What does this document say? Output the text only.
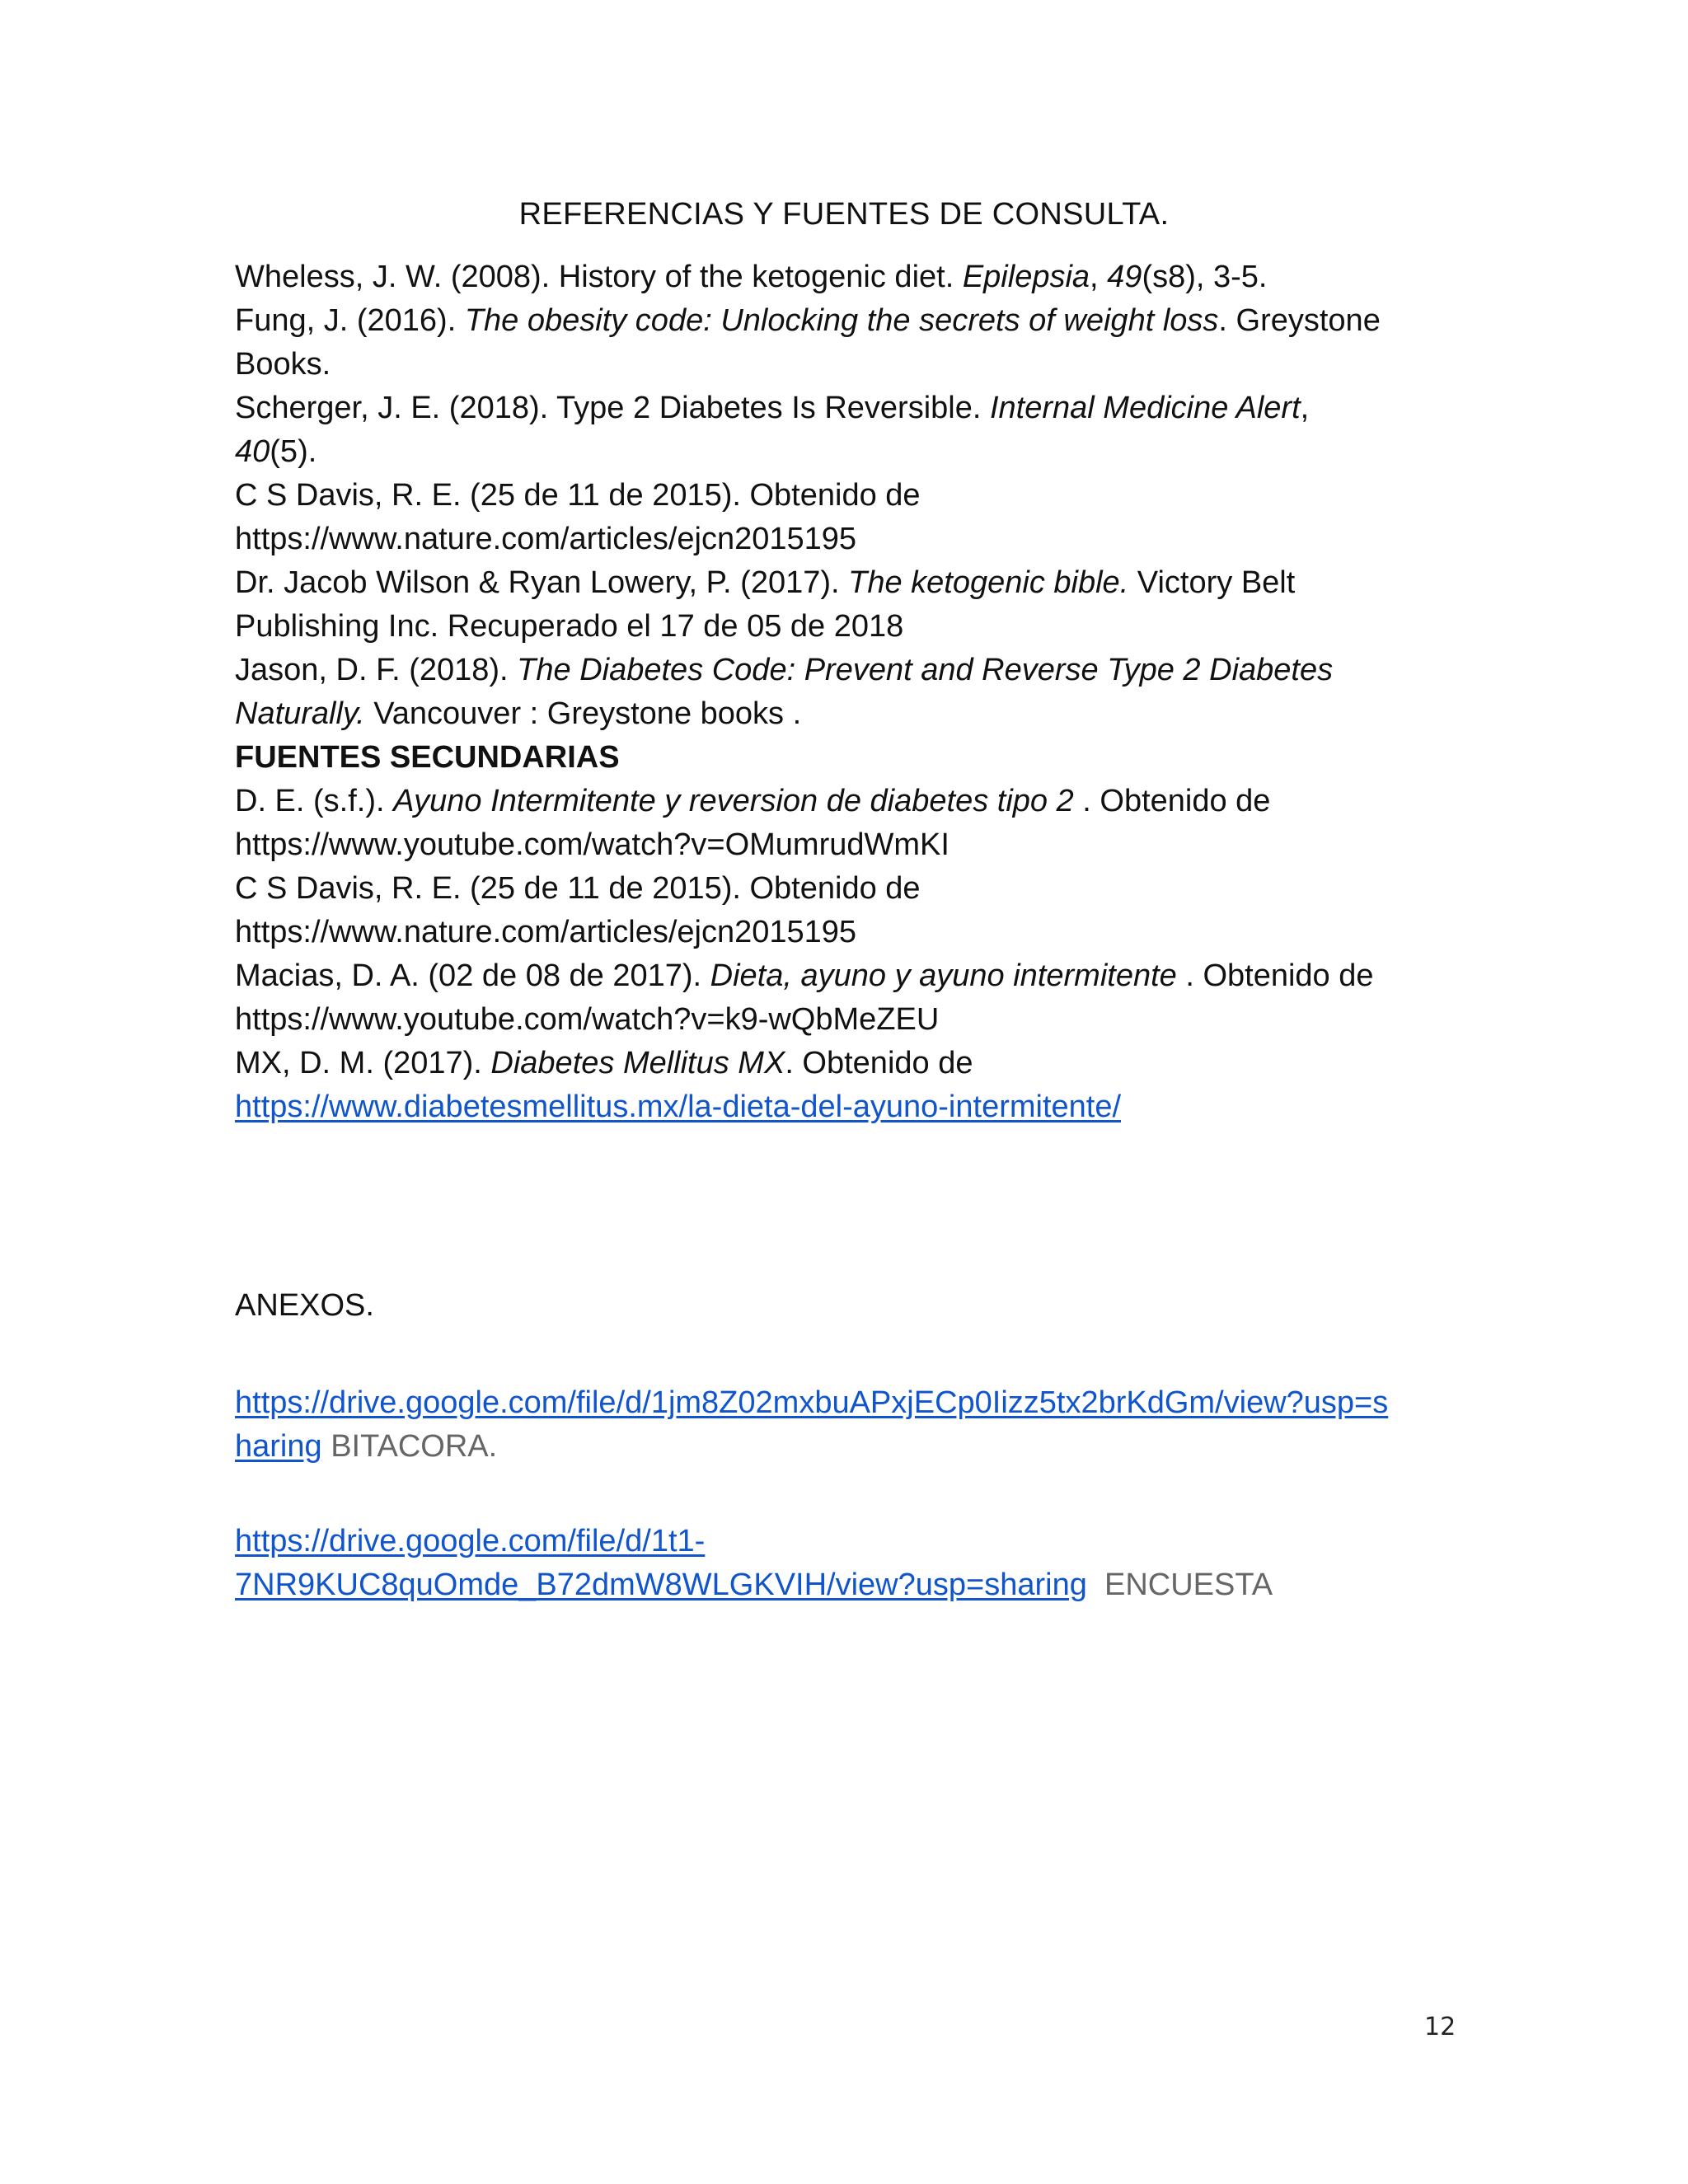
REFERENCIAS Y FUENTES DE CONSULTA.
Wheless, J. W. (2008). History of the ketogenic diet. Epilepsia, 49(s8), 3-5.
Fung, J. (2016). The obesity code: Unlocking the secrets of weight loss. Greystone
Books.
Scherger, J. E. (2018). Type 2 Diabetes Is Reversible. Internal Medicine Alert,
40(5).
C S Davis, R. E. (25 de 11 de 2015). Obtenido de
https://www.nature.com/articles/ejcn2015195
Dr. Jacob Wilson & Ryan Lowery, P. (2017). The ketogenic bible. Victory Belt
Publishing Inc. Recuperado el 17 de 05 de 2018
Jason, D. F. (2018). The Diabetes Code: Prevent and Reverse Type 2 Diabetes
Naturally. Vancouver : Greystone books .
FUENTES SECUNDARIAS
D. E. (s.f.). Ayuno Intermitente y reversion de diabetes tipo 2 . Obtenido de
https://www.youtube.com/watch?v=OMumrudWmKI
C S Davis, R. E. (25 de 11 de 2015). Obtenido de
https://www.nature.com/articles/ejcn2015195
Macias, D. A. (02 de 08 de 2017). Dieta, ayuno y ayuno intermitente . Obtenido de
https://www.youtube.com/watch?v=k9-wQbMeZEU
MX, D. M. (2017). Diabetes Mellitus MX. Obtenido de
https://www.diabetesmellitus.mx/la-dieta-del-ayuno-intermitente/
ANEXOS.
https://drive.google.com/file/d/1jm8Z02mxbuAPxjECp0Iizz5tx2brKdGm/view?usp=s
haring BITACORA.
https://drive.google.com/file/d/1t1-
7NR9KUC8quOmde_B72dmW8WLGKVIH/view?usp=sharing  ENCUESTA
12
